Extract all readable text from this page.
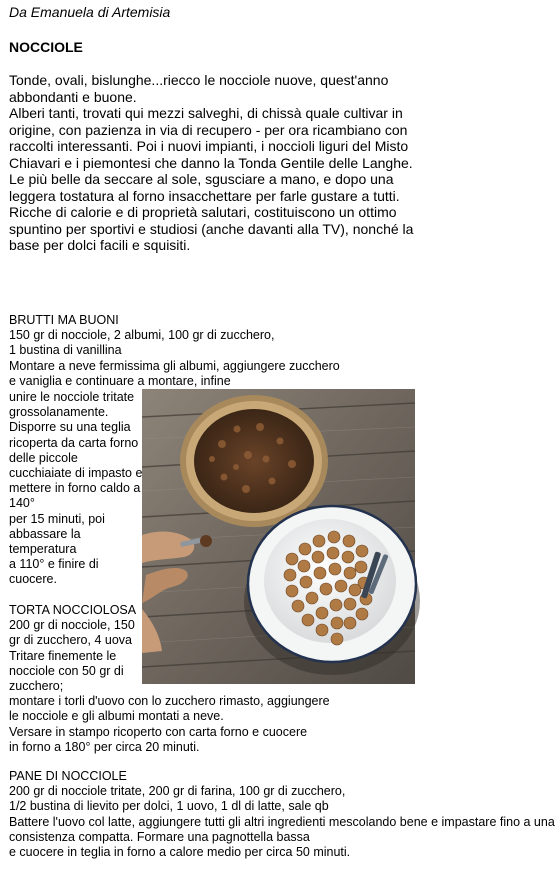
Da Emanuela di Artemisia
NOCCIOLE
Tonde, ovali, bislunghe...riecco le nocciole nuove, quest'anno
abbondanti e buone.
Alberi tanti, trovati qui mezzi salveghi, di chissà quale cultivar in
origine, con pazienza in via di recupero - per ora ricambiano con
raccolti interessanti. Poi i nuovi impianti, i noccioli liguri del Misto
Chiavari e i piemontesi che danno la Tonda Gentile delle Langhe.
Le più belle da seccare al sole, sgusciare a mano, e dopo una
leggera tostatura al forno insacchettare per farle gustare a tutti.
Ricche di calorie e di proprietà salutari, costituiscono un ottimo
spuntino per sportivi e studiosi (anche davanti alla TV), nonché la
base per dolci facili e squisiti.
BRUTTI MA BUONI
150 gr di nocciole, 2 albumi, 100 gr di zucchero,
1 bustina di vanillina
Montare a neve fermissima gli albumi, aggiungere zucchero
e vaniglia e continuare a montare, infine
unire le nocciole tritate
grossolanamente.
Disporre su una teglia
ricoperta da carta forno
delle piccole
cucchiaiate di impasto e
mettere in forno caldo a
140°
per 15 minuti, poi
abbassare la
temperatura
a 110° e finire di
cuocere.
TORTA NOCCIOLOSA
200 gr di nocciole, 150
gr di zucchero, 4 uova
Tritare finemente le
nocciole con 50 gr di
zucchero;
montare i torli d'uovo con lo zucchero rimasto, aggiungere
le nocciole e gli albumi montati a neve.
Versare in stampo ricoperto con carta forno e cuocere
in forno a 180° per circa 20 minuti.
PANE DI NOCCIOLE
200 gr di nocciole tritate, 200 gr di farina, 100 gr di zucchero,
1/2 bustina di lievito per dolci, 1 uovo, 1 dl di latte, sale qb
Battere l'uovo col latte, aggiungere tutti gli altri ingredienti mescolando bene e impastare fino a una
consistenza compatta. Formare una pagnottella bassa
e cuocere in teglia in forno a calore medio per circa 50 minuti.
